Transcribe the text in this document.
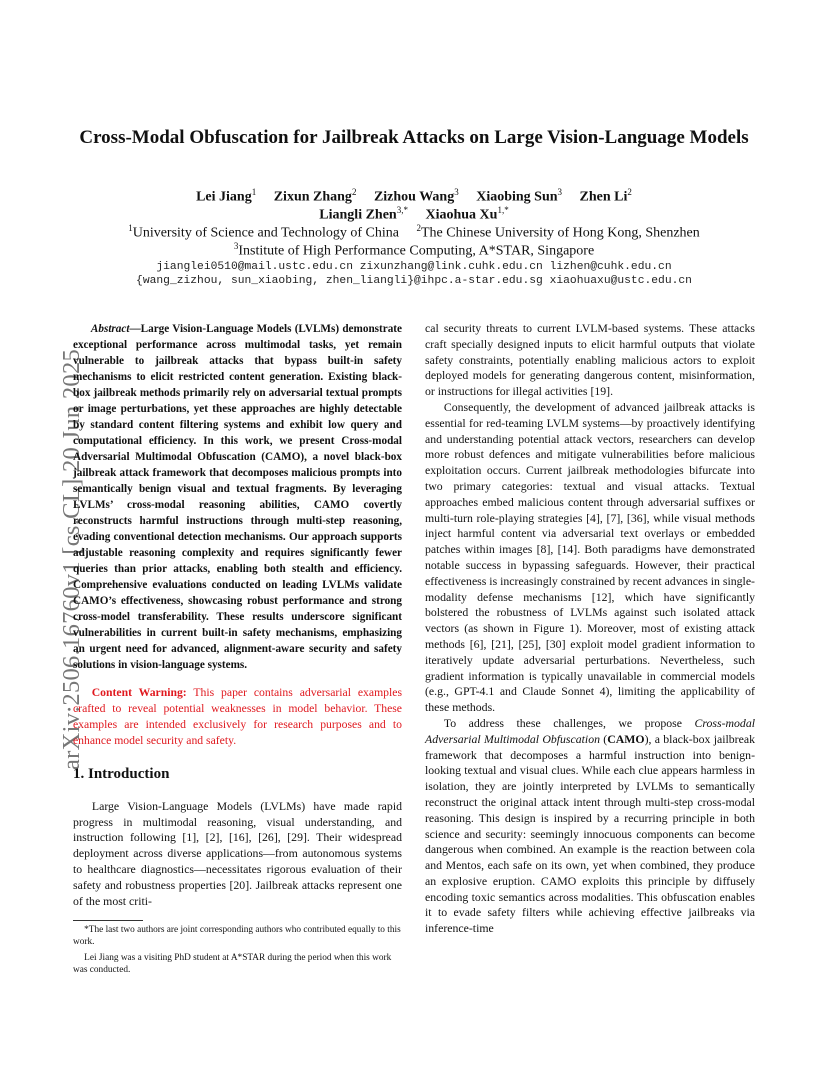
arXiv:2506.16760v1 [cs.CL] 20 Jun 2025
Cross-Modal Obfuscation for Jailbreak Attacks on Large Vision-Language Models
Lei Jiang$^1$ Zixun Zhang$^2$ Zizhou Wang$^3$ Xiaobing Sun$^3$ Zhen Li$^2$
Liangli Zhen$^{3,*}$ Xiaohua $Xu^{1,*}$
$^1$University of Science and Technology of China $^2$The Chinese University of Hong Kong, Shenzhen
$^3$Institute of High Performance Computing, A*STAR, Singapore
jianglei0510@mail.ustc.edu.cn zixunzhang@link.cuhk.edu.cn lizhen@cuhk.edu.cn
{wang_zizhou, sun_xiaobing, zhen_liangli}@ihpc.a-star.edu.sg xiaohuaxu@ustc.edu.cn

Abstract—Large Vision-Language Models (LVLMs) demonstrate exceptional performance across multimodal tasks, yet remain vulnerable to jailbreak attacks that bypass built-in safety mechanisms to elicit restricted content generation. Existing black-box jailbreak methods primarily rely on adversarial textual prompts or image perturbations, yet these approaches are highly detectable by standard content filtering systems and exhibit low query and computational efficiency. In this work, we present Cross-modal Adversarial Multimodal Obfuscation (CAMO), a novel black-box jailbreak attack framework that decomposes malicious prompts into semantically benign visual and textual fragments. By leveraging LVLMs’ cross-modal reasoning abilities, CAMO covertly reconstructs harmful instructions through multi-step reasoning, evading conventional detection mechanisms. Our approach supports adjustable reasoning complexity and requires significantly fewer queries than prior attacks, enabling both stealth and efficiency. Comprehensive evaluations conducted on leading LVLMs validate CAMO’s effectiveness, showcasing robust performance and strong cross-model transferability. These results underscore significant vulnerabilities in current built-in safety mechanisms, emphasizing an urgent need for advanced, alignment-aware security and safety solutions in vision-language systems.

Content Warning: This paper contains adversarial examples crafted to reveal potential weaknesses in model behavior. These examples are intended exclusively for research purposes and to enhance model security and safety.

1. Introduction

Large Vision-Language Models (LVLMs) have made rapid progress in multimodal reasoning, visual understanding, and instruction following [1], [2], [16], [26], [29]. Their widespread deployment across diverse applications—from autonomous systems to healthcare diagnostics—necessitates rigorous evaluation of their safety and robustness properties [20]. Jailbreak attacks represent one of the most criti-

*The last two authors are joint corresponding authors who contributed equally to this work.

Lei Jiang was a visiting PhD student at A*STAR during the period when this work was conducted.

cal security threats to current LVLM-based systems. These attacks craft specially designed inputs to elicit harmful outputs that violate safety constraints, potentially enabling malicious actors to exploit deployed models for generating dangerous content, misinformation, or instructions for illegal activities [19].

Consequently, the development of advanced jailbreak attacks is essential for red-teaming LVLM systems—by proactively identifying and understanding potential attack vectors, researchers can develop more robust defences and mitigate vulnerabilities before malicious exploitation occurs. Current jailbreak methodologies bifurcate into two primary categories: textual and visual attacks. Textual approaches embed malicious content through adversarial suffixes or multi-turn role-playing strategies [4], [7], [36], while visual methods inject harmful content via adversarial text overlays or embedded patches within images [8], [14]. Both paradigms have demonstrated notable success in bypassing safeguards. However, their practical effectiveness is increasingly constrained by recent advances in single-modality defense mechanisms [12], which have significantly bolstered the robustness of LVLMs against such isolated attack vectors (as shown in Figure 1). Moreover, most of existing attack methods [6], [21], [25], [30] exploit model gradient information to iteratively update adversarial perturbations. Nevertheless, such gradient information is typically unavailable in commercial models (e.g., GPT-4.1 and Claude Sonnet 4), limiting the applicability of these methods.

To address these challenges, we propose Cross-modal Adversarial Multimodal Obfuscation (CAMO), a black-box jailbreak framework that decomposes a harmful instruction into benign-looking textual and visual clues. While each clue appears harmless in isolation, they are jointly interpreted by LVLMs to semantically reconstruct the original attack intent through multi-step cross-modal reasoning. This design is inspired by a recurring principle in both science and security: seemingly innocuous components can become dangerous when combined. An example is the reaction between cola and Mentos, each safe on its own, yet when combined, they produce an explosive eruption. CAMO exploits this principle by diffusely encoding toxic semantics across modalities. This obfuscation enables it to evade safety filters while achieving effective jailbreaks via inference-time
